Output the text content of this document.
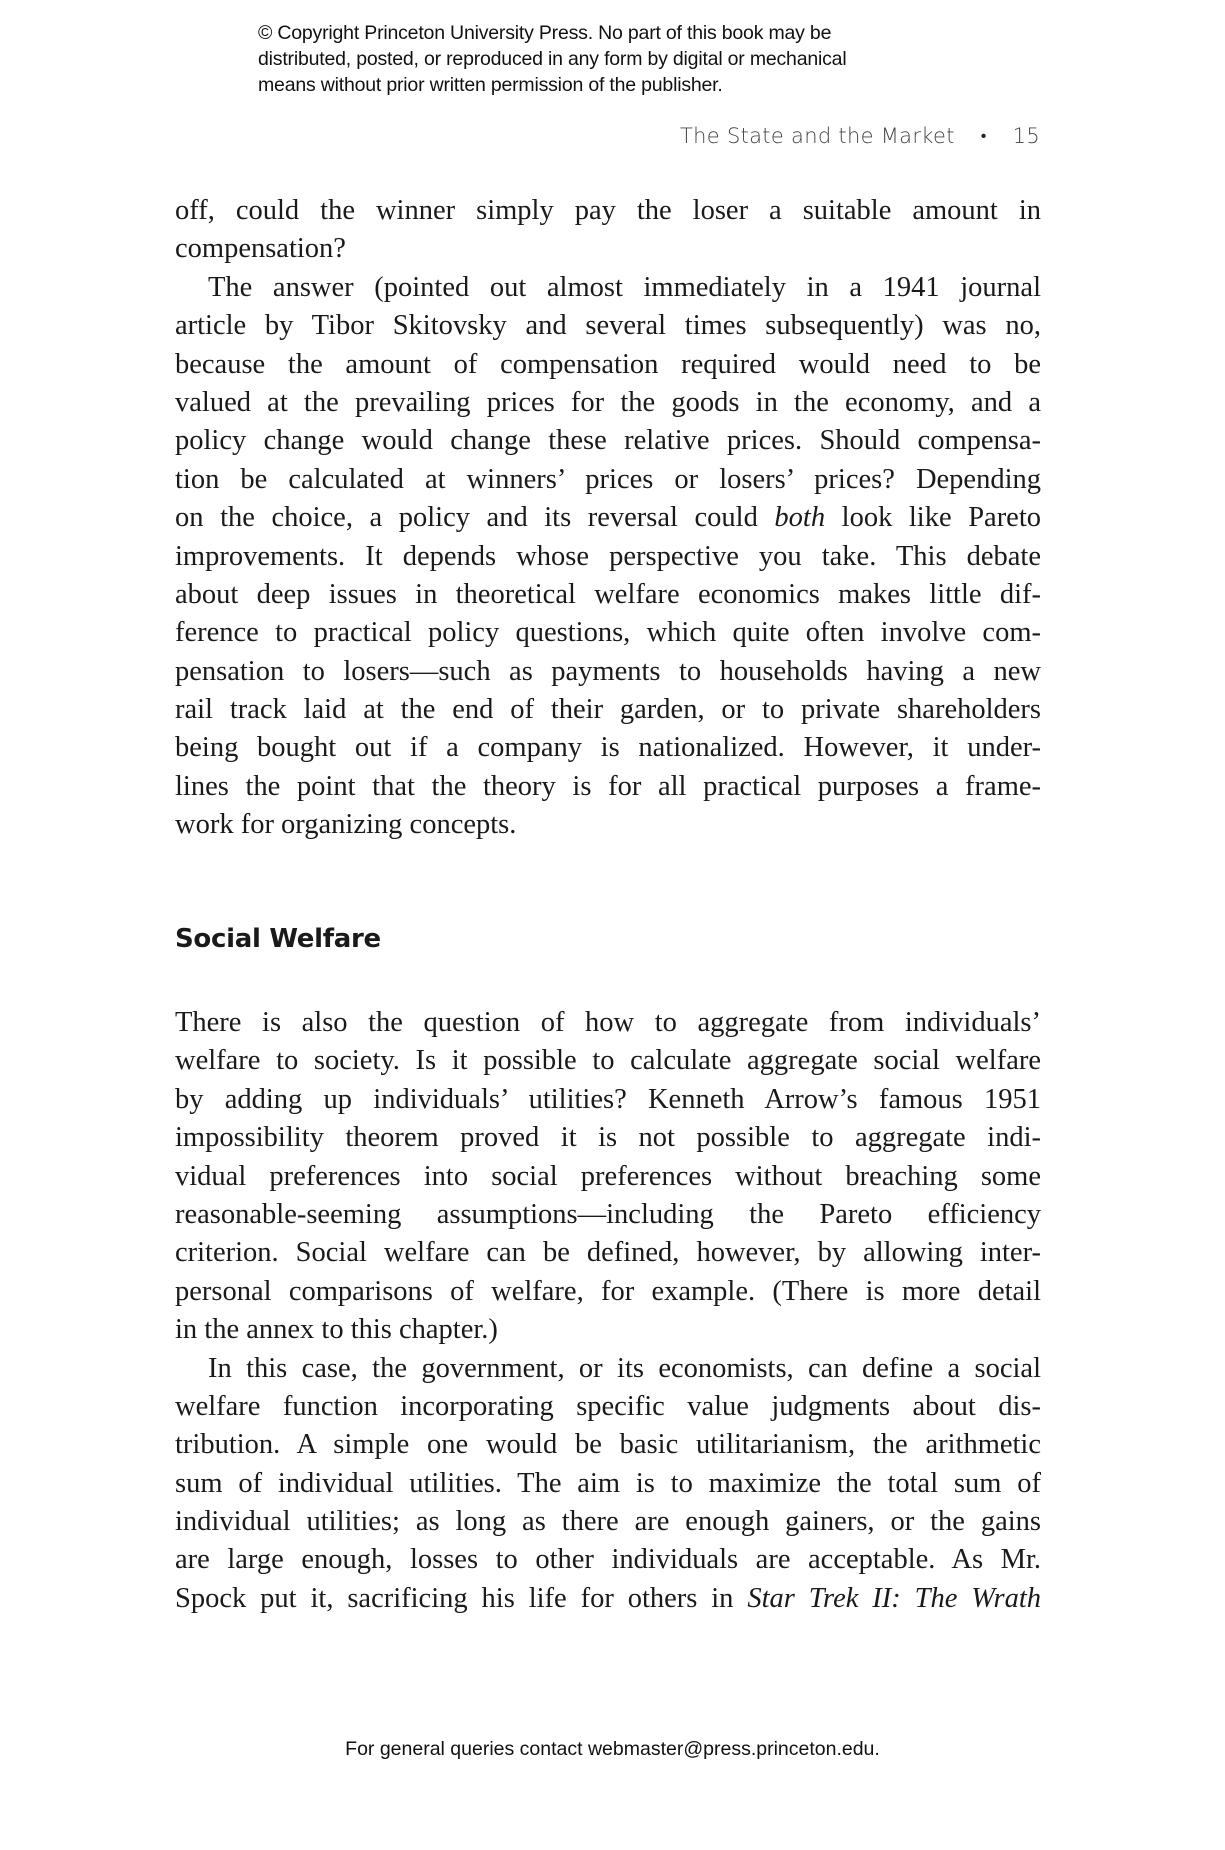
© Copyright Princeton University Press. No part of this book may be
distributed, posted, or reproduced in any form by digital or mechanical
means without prior written permission of the publisher.
The State and the Market • 15
off, could the winner simply pay the loser a suitable amount in
compensation?
The answer (pointed out almost immediately in a 1941 journal
article by Tibor Skitovsky and several times subsequently) was no,
because the amount of compensation required would need to be
valued at the prevailing prices for the goods in the economy, and a
policy change would change these relative prices. Should compensa-
tion be calculated at winners’ prices or losers’ prices? Depending
on the choice, a policy and its reversal could both look like Pareto
improvements. It depends whose perspective you take. This debate
about deep issues in theoretical welfare economics makes little dif-
ference to practical policy questions, which quite often involve com-
pensation to losers—such as payments to households having a new
rail track laid at the end of their garden, or to private shareholders
being bought out if a company is nationalized. However, it under-
lines the point that the theory is for all practical purposes a frame-
work for organizing concepts.
Social Welfare
There is also the question of how to aggregate from individuals’
welfare to society. Is it possible to calculate aggregate social welfare
by adding up individuals’ utilities? Kenneth Arrow’s famous 1951
impossibility theorem proved it is not possible to aggregate indi-
vidual preferences into social preferences without breaching some
reasonable-seeming assumptions—including the Pareto efficiency
criterion. Social welfare can be defined, however, by allowing inter-
personal comparisons of welfare, for example. (There is more detail
in the annex to this chapter.)
In this case, the government, or its economists, can define a social
welfare function incorporating specific value judgments about dis-
tribution. A simple one would be basic utilitarianism, the arithmetic
sum of individual utilities. The aim is to maximize the total sum of
individual utilities; as long as there are enough gainers, or the gains
are large enough, losses to other individuals are acceptable. As Mr.
Spock put it, sacrificing his life for others in Star Trek II: The Wrath
For general queries contact webmaster@press.princeton.edu.
